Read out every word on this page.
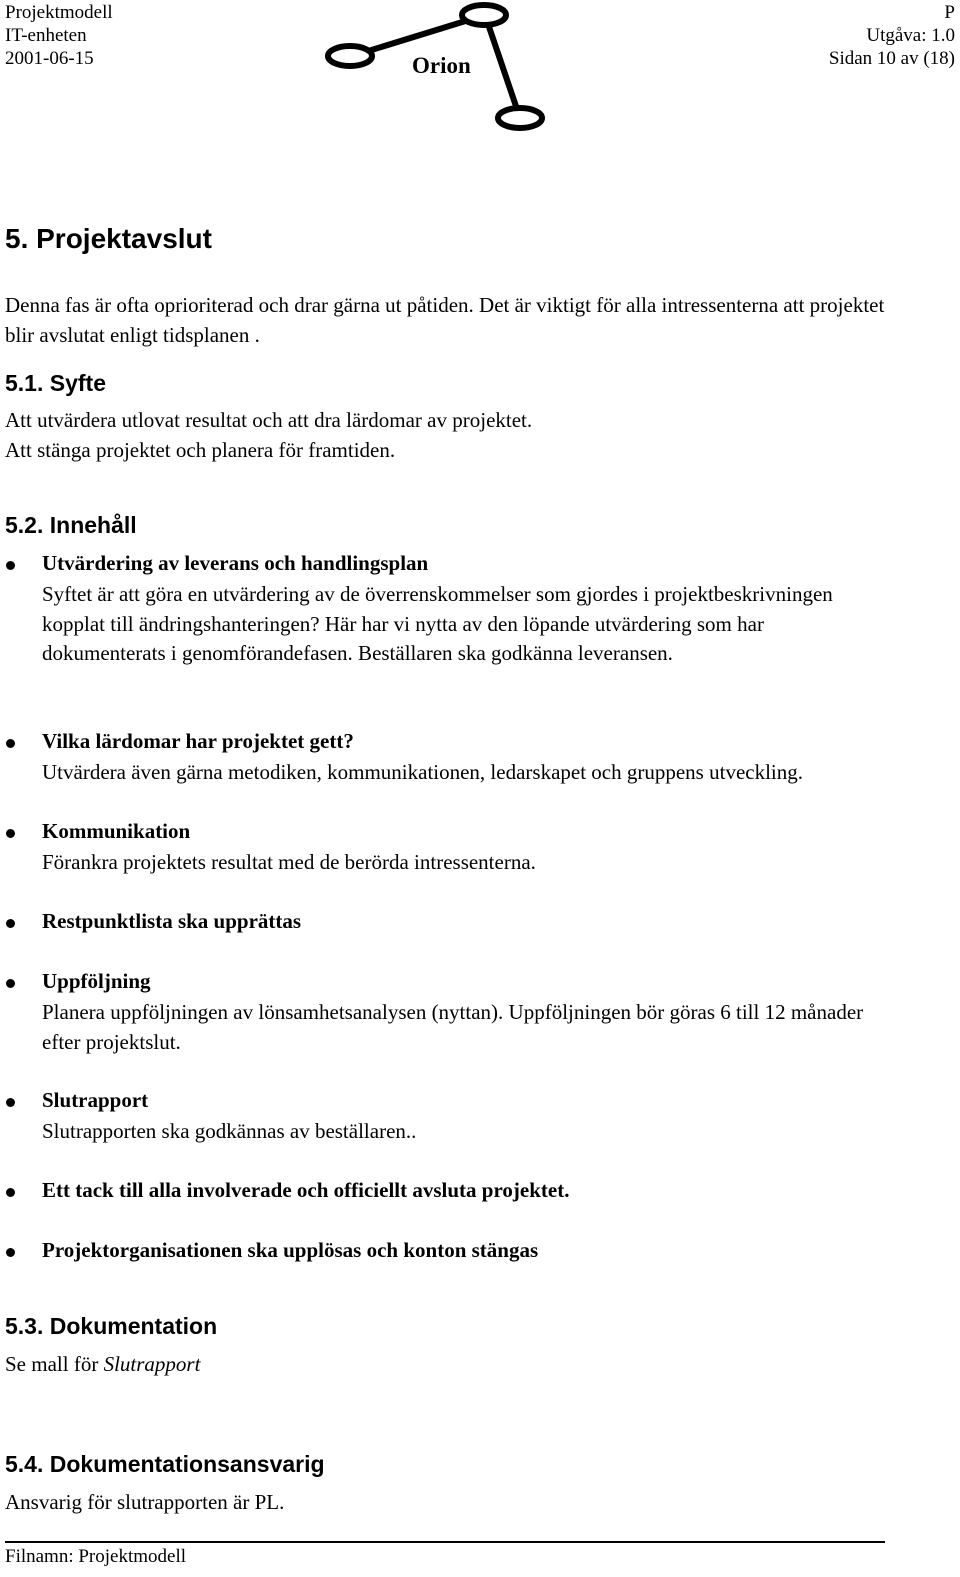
Projektmodell
IT-enheten
2001-06-15
P
Utgåva: 1.0
Sidan 10 av (18)
Orion
5. Projektavslut
Denna fas är ofta oprioriterad och drar gärna ut påtiden. Det är viktigt för alla intressenterna att projektet blir avslutat enligt tidsplanen .
5.1. Syfte
Att utvärdera utlovat resultat och att dra lärdomar av projektet.
Att stänga projektet och planera för framtiden.
5.2. Innehåll
Utvärdering av leverans och handlingsplan
Syftet är att göra en utvärdering av de överrenskommelser som gjordes i projektbeskrivningen kopplat till ändringshanteringen? Här har vi nytta av den löpande utvärdering som har dokumenterats i genomförandefasen. Beställaren ska godkänna leveransen.
Vilka lärdomar har projektet gett?
Utvärdera även gärna metodiken, kommunikationen, ledarskapet och gruppens utveckling.
Kommunikation
Förankra projektets resultat med de berörda intressenterna.
Restpunktlista ska upprättas
Uppföljning
Planera uppföljningen av lönsamhetsanalysen (nyttan). Uppföljningen bör göras 6 till 12 månader efter projektslut.
Slutrapport
Slutrapporten ska godkännas av beställaren..
Ett tack till alla involverade och officiellt avsluta projektet.
Projektorganisationen ska upplösas och konton stängas
5.3. Dokumentation
Se mall för Slutrapport
5.4. Dokumentationsansvarig
Ansvarig för slutrapporten är PL.
Filnamn: Projektmodell
